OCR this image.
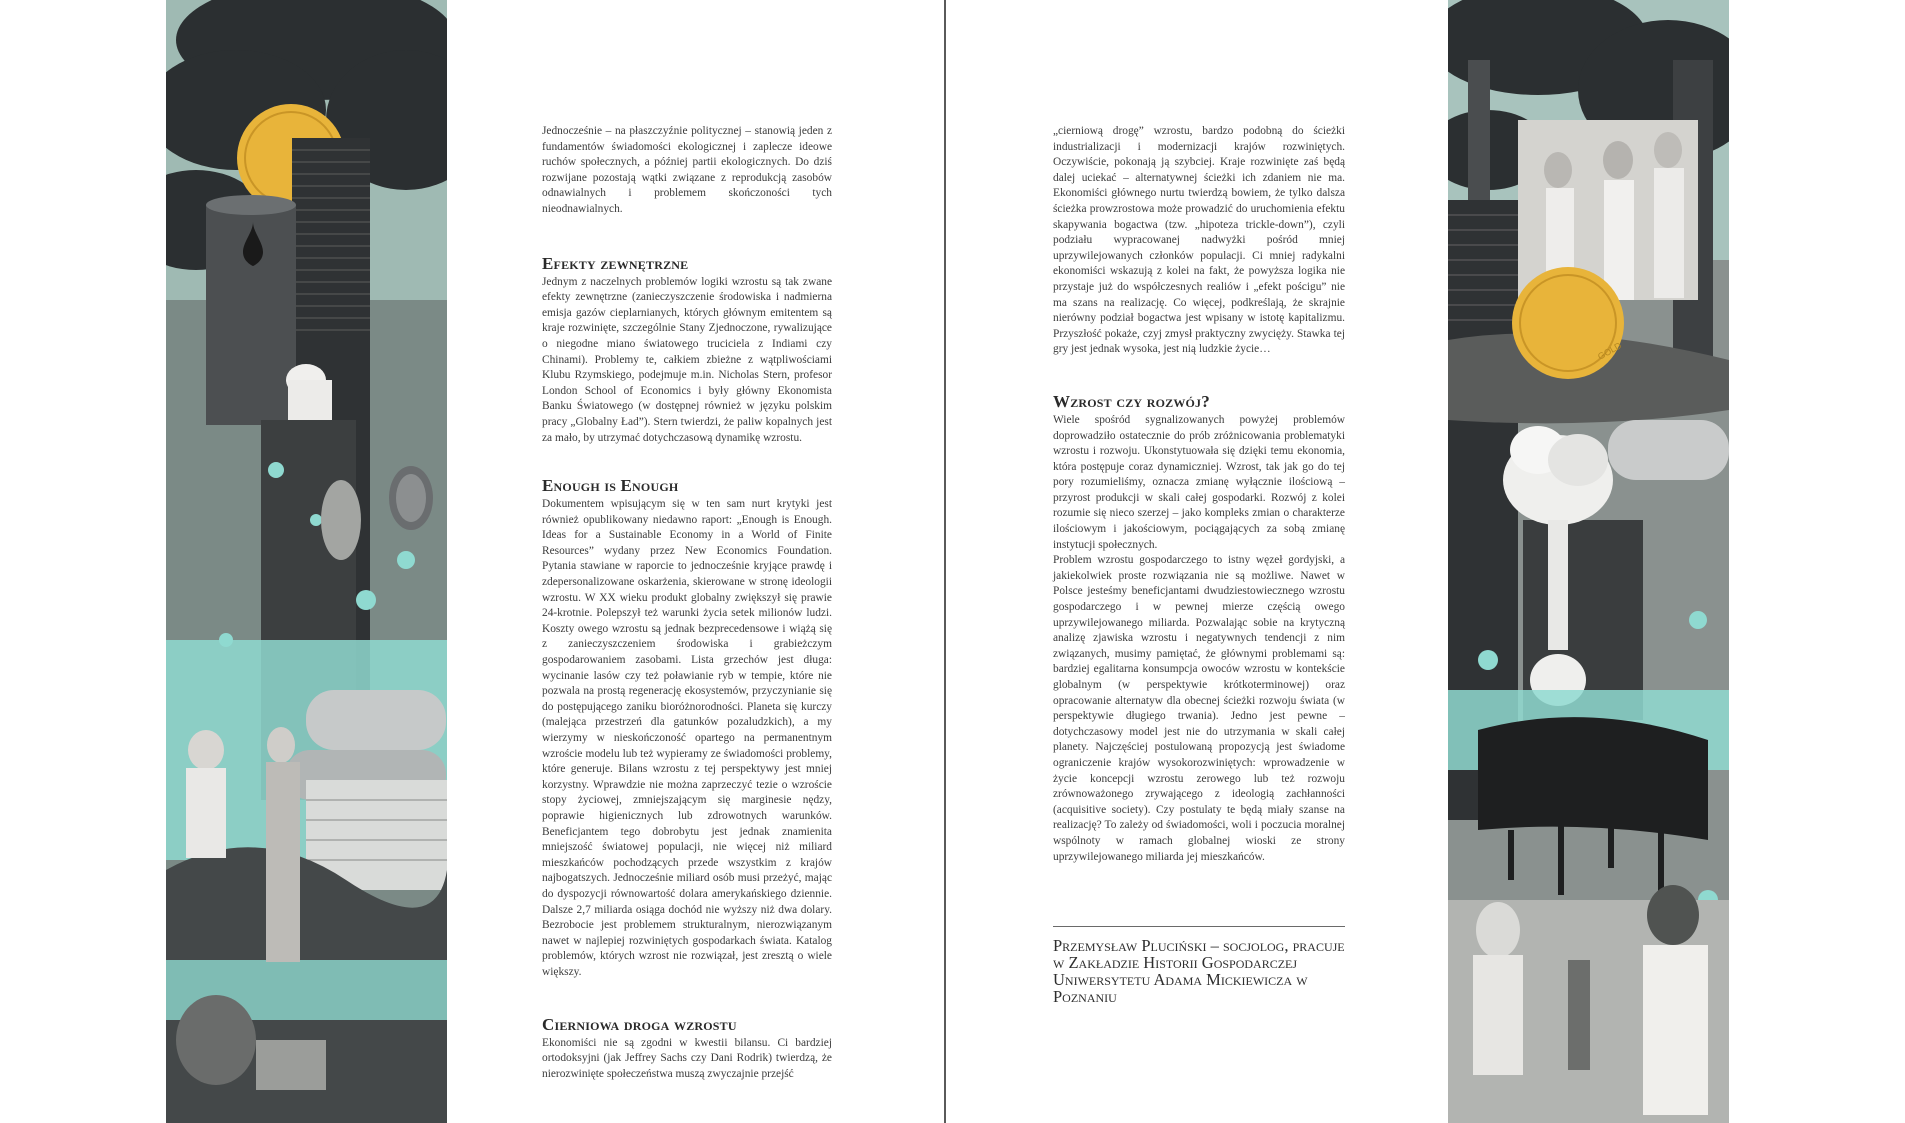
Jednocześnie – na płaszczyźnie politycznej – stanowią jeden z fundamentów świadomości ekologicznej i zaplecze ideowe ruchów społecznych, a później partii ekologicznych. Do dziś rozwijane pozostają wątki związane z reprodukcją zasobów odnawialnych i problemem skończoności tych nieodnawialnych.

Efekty zewnętrzne

Jednym z naczelnych problemów logiki wzrostu są tak zwane efekty zewnętrzne (zanieczyszczenie środowiska i nadmierna emisja gazów cieplarnianych, których głównym emitentem są kraje rozwinięte, szczególnie Stany Zjednoczone, rywalizujące o niegodne miano światowego truciciela z Indiami czy Chinami). Problemy te, całkiem zbieżne z wątpliwościami Klubu Rzymskiego, podejmuje m.in. Nicholas Stern, profesor London School of Economics i były główny Ekonomista Banku Światowego (w dostępnej również w języku polskim pracy „Globalny Ład”). Stern twierdzi, że paliw kopalnych jest za mało, by utrzymać dotychczasową dynamikę wzrostu.

Enough is Enough

Dokumentem wpisującym się w ten sam nurt krytyki jest również opublikowany niedawno raport: „Enough is Enough. Ideas for a Sustainable Economy in a World of Finite Resources” wydany przez New Economics Foundation. Pytania stawiane w raporcie to jednocześnie kryjące prawdę i zdepersonalizowane oskarżenia, skierowane w stronę ideologii wzrostu. W XX wieku produkt globalny zwiększył się prawie 24-krotnie. Polepszył też warunki życia setek milionów ludzi. Koszty owego wzrostu są jednak bezprecedensowe i wiążą się z zanieczyszczeniem środowiska i grabieżczym gospodarowaniem zasobami. Lista grzechów jest długa: wycinanie lasów czy też poławianie ryb w tempie, które nie pozwala na prostą regenerację ekosystemów, przyczynianie się do postępującego zaniku bioróżnorodności. Planeta się kurczy (malejąca przestrzeń dla gatunków pozaludzkich), a my wierzymy w nieskończoność opartego na permanentnym wzroście modelu lub też wypieramy ze świadomości problemy, które generuje. Bilans wzrostu z tej perspektywy jest mniej korzystny. Wprawdzie nie można zaprzeczyć tezie o wzroście stopy życiowej, zmniejszającym się marginesie nędzy, poprawie higienicznych lub zdrowotnych warunków. Beneficjantem tego dobrobytu jest jednak znamienita mniejszość światowej populacji, nie więcej niż miliard mieszkańców pochodzących przede wszystkim z krajów najbogatszych. Jednocześnie miliard osób musi przeżyć, mając do dyspozycji równowartość dolara amerykańskiego dziennie. Dalsze 2,7 miliarda osiąga dochód nie wyższy niż dwa dolary. Bezrobocie jest problemem strukturalnym, nierozwiązanym nawet w najlepiej rozwiniętych gospodarkach świata. Katalog problemów, których wzrost nie rozwiązał, jest zresztą o wiele większy.

Cierniowa droga wzrostu

Ekonomiści nie są zgodni w kwestii bilansu. Ci bardziej ortodoksyjni (jak Jeffrey Sachs czy Dani Rodrik) twierdzą, że nierozwinięte społeczeństwa muszą zwyczajnie przejść

„cierniową drogę” wzrostu, bardzo podobną do ścieżki industrializacji i modernizacji krajów rozwiniętych. Oczywiście, pokonają ją szybciej. Kraje rozwinięte zaś będą dalej uciekać – alternatywnej ścieżki ich zdaniem nie ma. Ekonomiści głównego nurtu twierdzą bowiem, że tylko dalsza ścieżka prowzrostowa może prowadzić do uruchomienia efektu skapywania bogactwa (tzw. „hipoteza trickle-down”), czyli podziału wypracowanej nadwyżki pośród mniej uprzywilejowanych członków populacji. Ci mniej radykalni ekonomiści wskazują z kolei na fakt, że powyższa logika nie przystaje już do współczesnych realiów i „efekt pościgu” nie ma szans na realizację. Co więcej, podkreślają, że skrajnie nierówny podział bogactwa jest wpisany w istotę kapitalizmu. Przyszłość pokaże, czyj zmysł praktyczny zwycięży. Stawka tej gry jest jednak wysoka, jest nią ludzkie życie…

Wzrost czy rozwój?

Wiele spośród sygnalizowanych powyżej problemów doprowadziło ostatecznie do prób zróżnicowania problematyki wzrostu i rozwoju. Ukonstytuowała się dzięki temu ekonomia, która postępuje coraz dynamiczniej. Wzrost, tak jak go do tej pory rozumieliśmy, oznacza zmianę wyłącznie ilościową – przyrost produkcji w skali całej gospodarki. Rozwój z kolei rozumie się nieco szerzej – jako kompleks zmian o charakterze ilościowym i jakościowym, pociągających za sobą zmianę instytucji społecznych.

Problem wzrostu gospodarczego to istny węzeł gordyjski, a jakiekolwiek proste rozwiązania nie są możliwe. Nawet w Polsce jesteśmy beneficjantami dwudziestowiecznego wzrostu gospodarczego i w pewnej mierze częścią owego uprzywilejowanego miliarda. Pozwalając sobie na krytyczną analizę zjawiska wzrostu i negatywnych tendencji z nim związanych, musimy pamiętać, że głównymi problemami są: bardziej egalitarna konsumpcja owoców wzrostu w kontekście globalnym (w perspektywie krótkoterminowej) oraz opracowanie alternatyw dla obecnej ścieżki rozwoju świata (w perspektywie długiego trwania). Jedno jest pewne – dotychczasowy model jest nie do utrzymania w skali całej planety. Najczęściej postulowaną propozycją jest świadome ograniczenie krajów wysokorozwiniętych: wprowadzenie w życie koncepcji wzrostu zerowego lub też rozwoju zrównoważonego zrywającego z ideologią zachłanności (acquisitive society). Czy postulaty te będą miały szanse na realizację? To zależy od świadomości, woli i poczucia moralnej wspólnoty w ramach globalnej wioski ze strony uprzywilejowanego miliarda jej mieszkańców.

Przemysław Pluciński – socjolog, pracuje w Zakładzie Historii Gospodarczej Uniwersytetu Adama Mickiewicza w Poznaniu

GOLD
